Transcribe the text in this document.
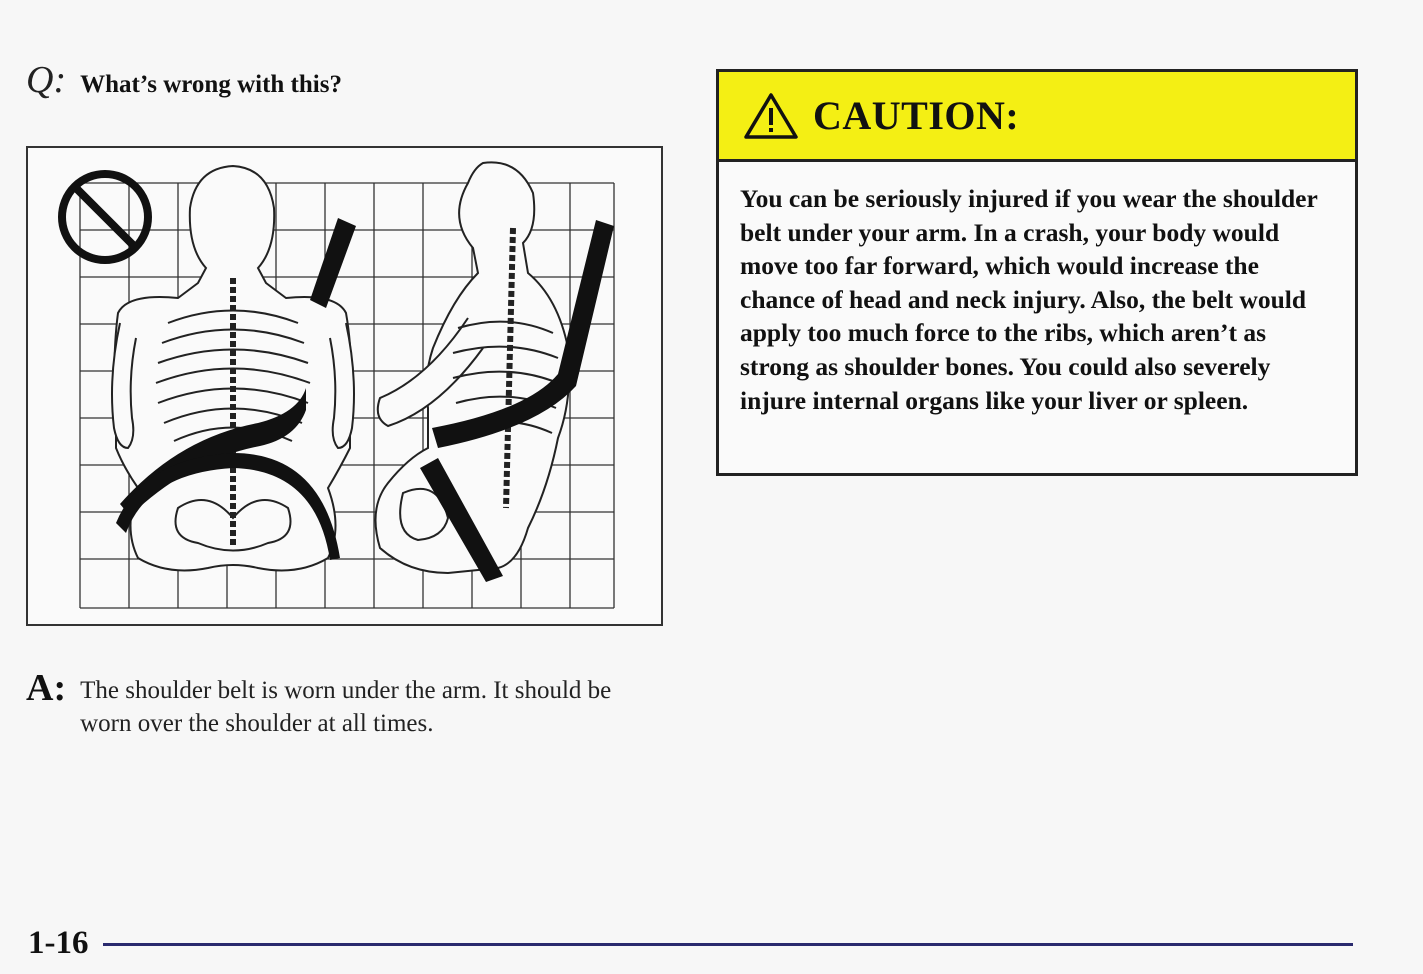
Q: What’s wrong with this?
A: The shoulder belt is worn under the arm. It should be worn over the shoulder at all times.
CAUTION:

You can be seriously injured if you wear the shoulder belt under your arm. In a crash, your body would move too far forward, which would increase the chance of head and neck injury. Also, the belt would apply too much force to the ribs, which aren’t as strong as shoulder bones. You could also severely injure internal organs like your liver or spleen.

1-16
